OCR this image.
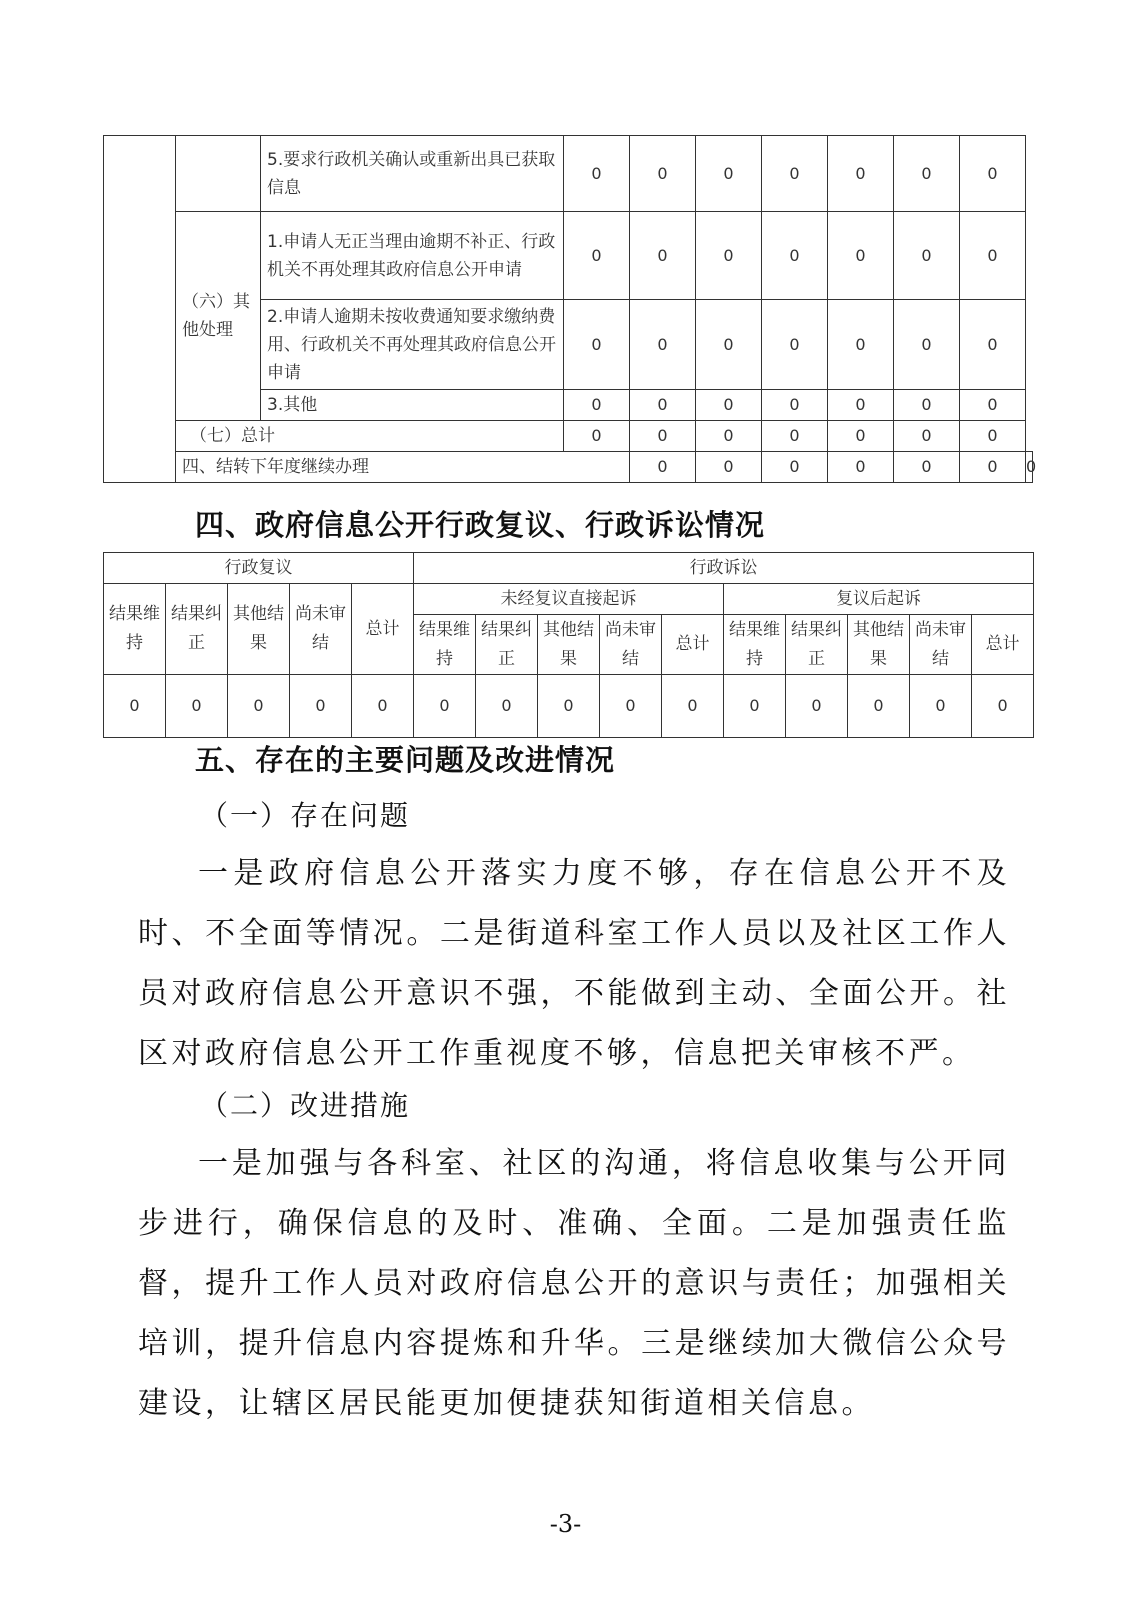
		5.要求行政机关确认或重新出具已获取信息	0	0	0	0	0	0	0	
	（六）其他处理	1.申请人无正当理由逾期不补正、行政机关不再处理其政府信息公开申请	0	0	0	0	0	0	0	
		2.申请人逾期未按收费通知要求缴纳费用、行政机关不再处理其政府信息公开申请	0	0	0	0	0	0	0	
		3.其他	0	0	0	0	0	0	0	
	（七）总计		0	0	0	0	0	0	0	
	四、结转下年度继续办理			0	0	0	0	0	0	0
四、政府信息公开行政复议、行政诉讼情况
行政复议					行政诉讼									
结果维持	结果纠正	其他结果	尚未审结	总计	未经复议直接起诉					复议后起诉				
					结果维持	结果纠正	其他结果	尚未审结	总计	结果维持	结果纠正	其他结果	尚未审结	总计
0	0	0	0	0	0	0	0	0	0	0	0	0	0	0
五、存在的主要问题及改进情况
（一）存在问题
一是政府信息公开落实力度不够，存在信息公开不及时、不全面等情况。二是街道科室工作人员以及社区工作人员对政府信息公开意识不强，不能做到主动、全面公开。社区对政府信息公开工作重视度不够，信息把关审核不严。
（二）改进措施
一是加强与各科室、社区的沟通，将信息收集与公开同步进行，确保信息的及时、准确、全面。二是加强责任监督，提升工作人员对政府信息公开的意识与责任；加强相关培训，提升信息内容提炼和升华。三是继续加大微信公众号建设，让辖区居民能更加便捷获知街道相关信息。
-3-
